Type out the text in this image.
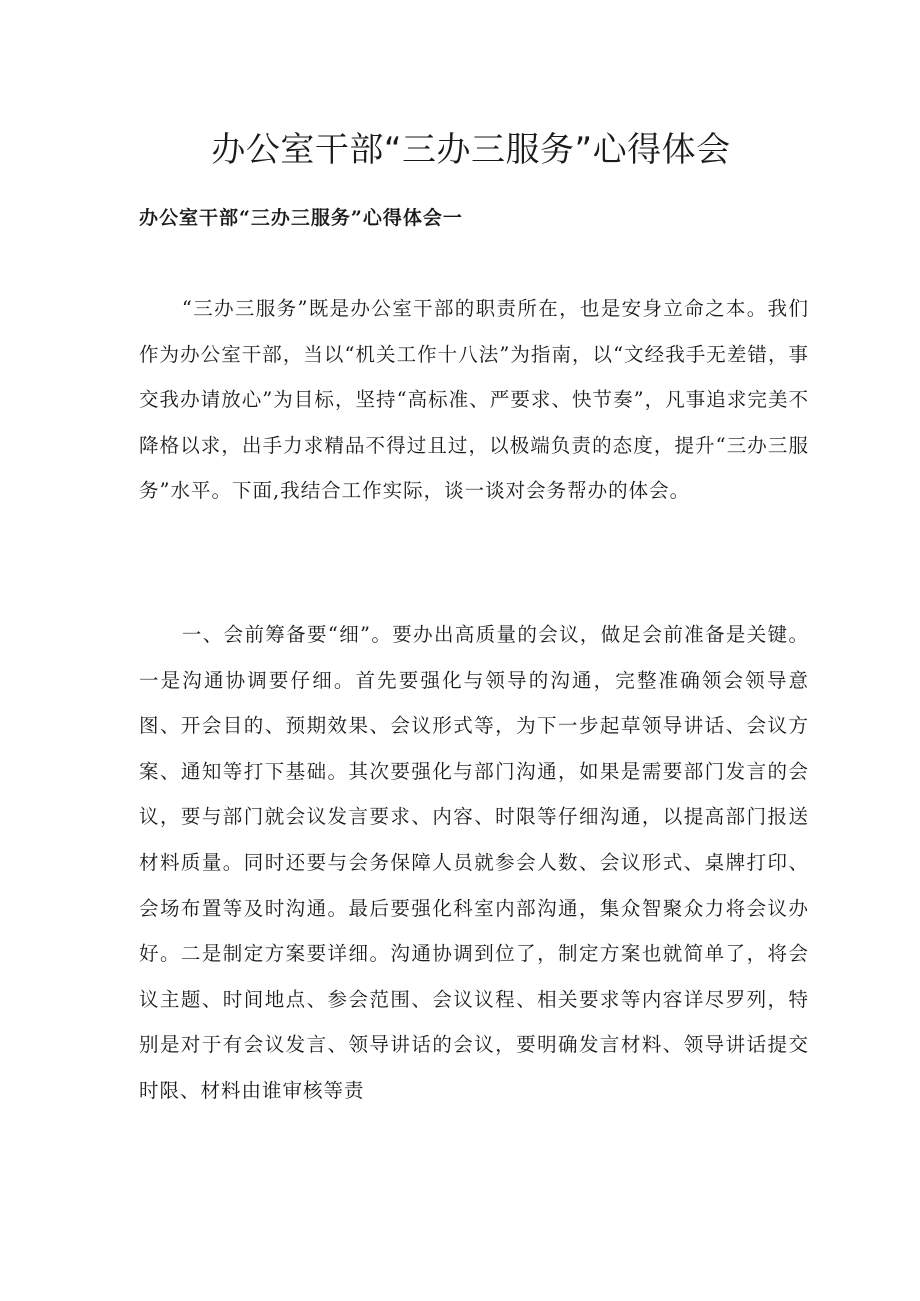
办公室干部“三办三服务”心得体会
办公室干部“三办三服务”心得体会一

“三办三服务”既是办公室干部的职责所在，也是安身立命之本。我们作为办公室干部，当以“机关工作十八法”为指南，以“文经我手无差错，事交我办请放心”为目标，坚持“高标准、严要求、快节奏”，凡事追求完美不降格以求，出手力求精品不得过且过，以极端负责的态度，提升“三办三服务”水平。下面,我结合工作实际，谈一谈对会务帮办的体会。

一、会前筹备要“细”。要办出高质量的会议，做足会前准备是关键。一是沟通协调要仔细。首先要强化与领导的沟通，完整准确领会领导意图、开会目的、预期效果、会议形式等，为下一步起草领导讲话、会议方案、通知等打下基础。其次要强化与部门沟通，如果是需要部门发言的会议，要与部门就会议发言要求、内容、时限等仔细沟通，以提高部门报送材料质量。同时还要与会务保障人员就参会人数、会议形式、桌牌打印、会场布置等及时沟通。最后要强化科室内部沟通，集众智聚众力将会议办好。二是制定方案要详细。沟通协调到位了，制定方案也就简单了，将会议主题、时间地点、参会范围、会议议程、相关要求等内容详尽罗列，特别是对于有会议发言、领导讲话的会议，要明确发言材料、领导讲话提交时限、材料由谁审核等责
